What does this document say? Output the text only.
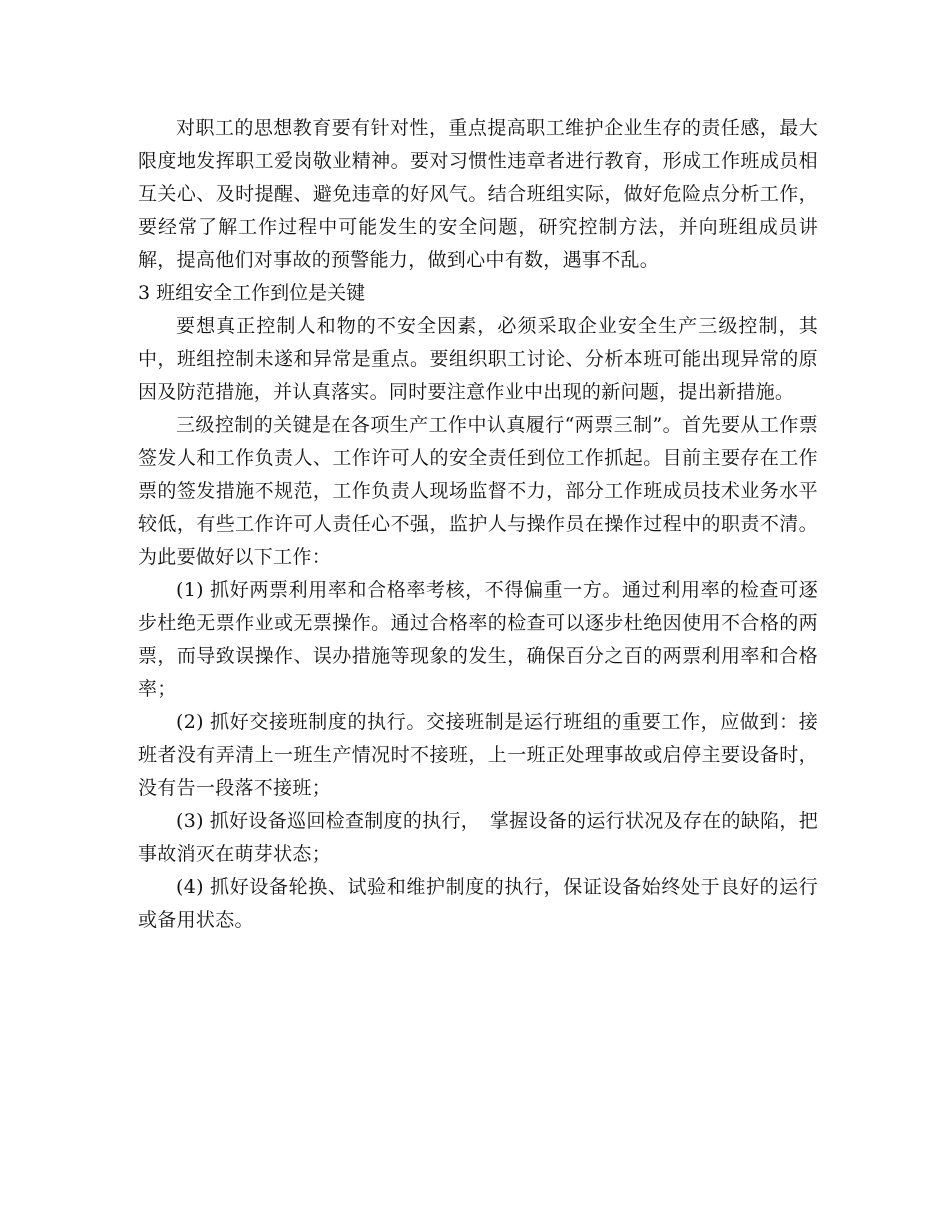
对职工的思想教育要有针对性，重点提高职工维护企业生存的责任感，最大限度地发挥职工爱岗敬业精神。要对习惯性违章者进行教育，形成工作班成员相互关心、及时提醒、避免违章的好风气。结合班组实际，做好危险点分析工作，要经常了解工作过程中可能发生的安全问题，研究控制方法，并向班组成员讲解，提高他们对事故的预警能力，做到心中有数，遇事不乱。

3 班组安全工作到位是关键

要想真正控制人和物的不安全因素，必须采取企业安全生产三级控制，其中，班组控制未遂和异常是重点。要组织职工讨论、分析本班可能出现异常的原因及防范措施，并认真落实。同时要注意作业中出现的新问题，提出新措施。

三级控制的关键是在各项生产工作中认真履行“两票三制”。首先要从工作票签发人和工作负责人、工作许可人的安全责任到位工作抓起。目前主要存在工作票的签发措施不规范，工作负责人现场监督不力，部分工作班成员技术业务水平较低，有些工作许可人责任心不强，监护人与操作员在操作过程中的职责不清。为此要做好以下工作：

(1) 抓好两票利用率和合格率考核，不得偏重一方。通过利用率的检查可逐步杜绝无票作业或无票操作。通过合格率的检查可以逐步杜绝因使用不合格的两票，而导致误操作、误办措施等现象的发生，确保百分之百的两票利用率和合格率；

(2) 抓好交接班制度的执行。交接班制是运行班组的重要工作，应做到：接班者没有弄清上一班生产情况时不接班，上一班正处理事故或启停主要设备时，没有告一段落不接班；

(3) 抓好设备巡回检查制度的执行，　掌握设备的运行状况及存在的缺陷，把事故消灭在萌芽状态；

(4) 抓好设备轮换、试验和维护制度的执行，保证设备始终处于良好的运行或备用状态。
